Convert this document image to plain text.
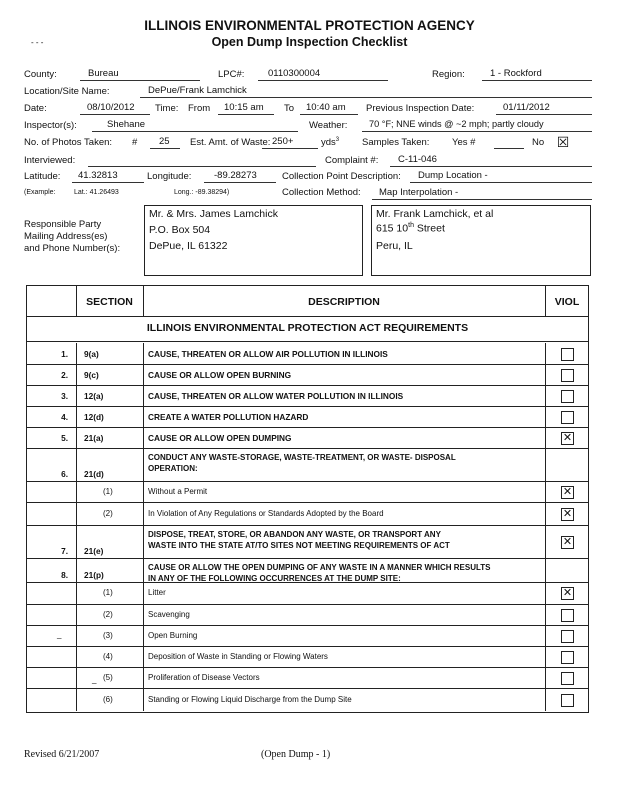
- - -
ILLINOIS ENVIRONMENTAL PROTECTION AGENCY
Open Dump Inspection Checklist
County:	Bureau	LPC#: 0110300004	Region:	1 - Rockford
Location/Site Name:	DePue/Frank Lamchick
Date:	08/10/2012 Time: From 10:15 am To 10:40 am Previous Inspection Date:	01/11/2012
Inspector(s):	Shehane	Weather: 70 °F; NNE winds @ ~2 mph; partly cloudy
No. of Photos Taken: # 25 Est. Amt. of Waste: 250+	yds$^3$ Samples Taken: Yes #	No ☒
Interviewed:	Complaint #: C-11-046
Latitude: 41.32813	Longitude: -89.28273	Collection Point Description: Dump Location -
(Example:	Lat.: 41.26493	Long.: -89.38294)	Collection Method: Map Interpolation -
Responsible Party
Mailing Address(es)
and Phone Number(s):
Mr. & Mrs. James Lamchick
P.O. Box 504
DePue, IL 61322
Mr. Frank Lamchick, et al
615 10th Street
Peru, IL
SECTION	DESCRIPTION	VIOL
ILLINOIS ENVIRONMENTAL PROTECTION ACT REQUIREMENTS
1. 9(a)	CAUSE, THREATEN OR ALLOW AIR POLLUTION IN ILLINOIS
2. 9(c)	CAUSE OR ALLOW OPEN BURNING
3. 12(a)	CAUSE, THREATEN OR ALLOW WATER POLLUTION IN ILLINOIS
4. 12(d)	CREATE A WATER POLLUTION HAZARD
5. 21(a)	CAUSE OR ALLOW OPEN DUMPING	✕
6. 21(d)
CONDUCT ANY WASTE-STORAGE, WASTE-TREATMENT, OR WASTE- DISPOSAL
OPERATION:
(1)	Without a Permit	✕
(2)	In Violation of Any Regulations or Standards Adopted by the Board	✕
7. 21(e)
DISPOSE, TREAT, STORE, OR ABANDON ANY WASTE, OR TRANSPORT ANY
WASTE INTO THE STATE AT/TO SITES NOT MEETING REQUIREMENTS OF ACT	✕
8. 21(p)
CAUSE OR ALLOW THE OPEN DUMPING OF ANY WASTE IN A MANNER WHICH RESULTS
IN ANY OF THE FOLLOWING OCCURRENCES AT THE DUMP SITE:
(1)	Litter	✕
(2)	Scavenging
(3)	Open Burning
(4)	Deposition of Waste in Standing or Flowing Waters
(5)	Proliferation of Disease Vectors
(6)	Standing or Flowing Liquid Discharge from the Dump Site
_
_
Revised 6/21/2007	(Open Dump - 1)
